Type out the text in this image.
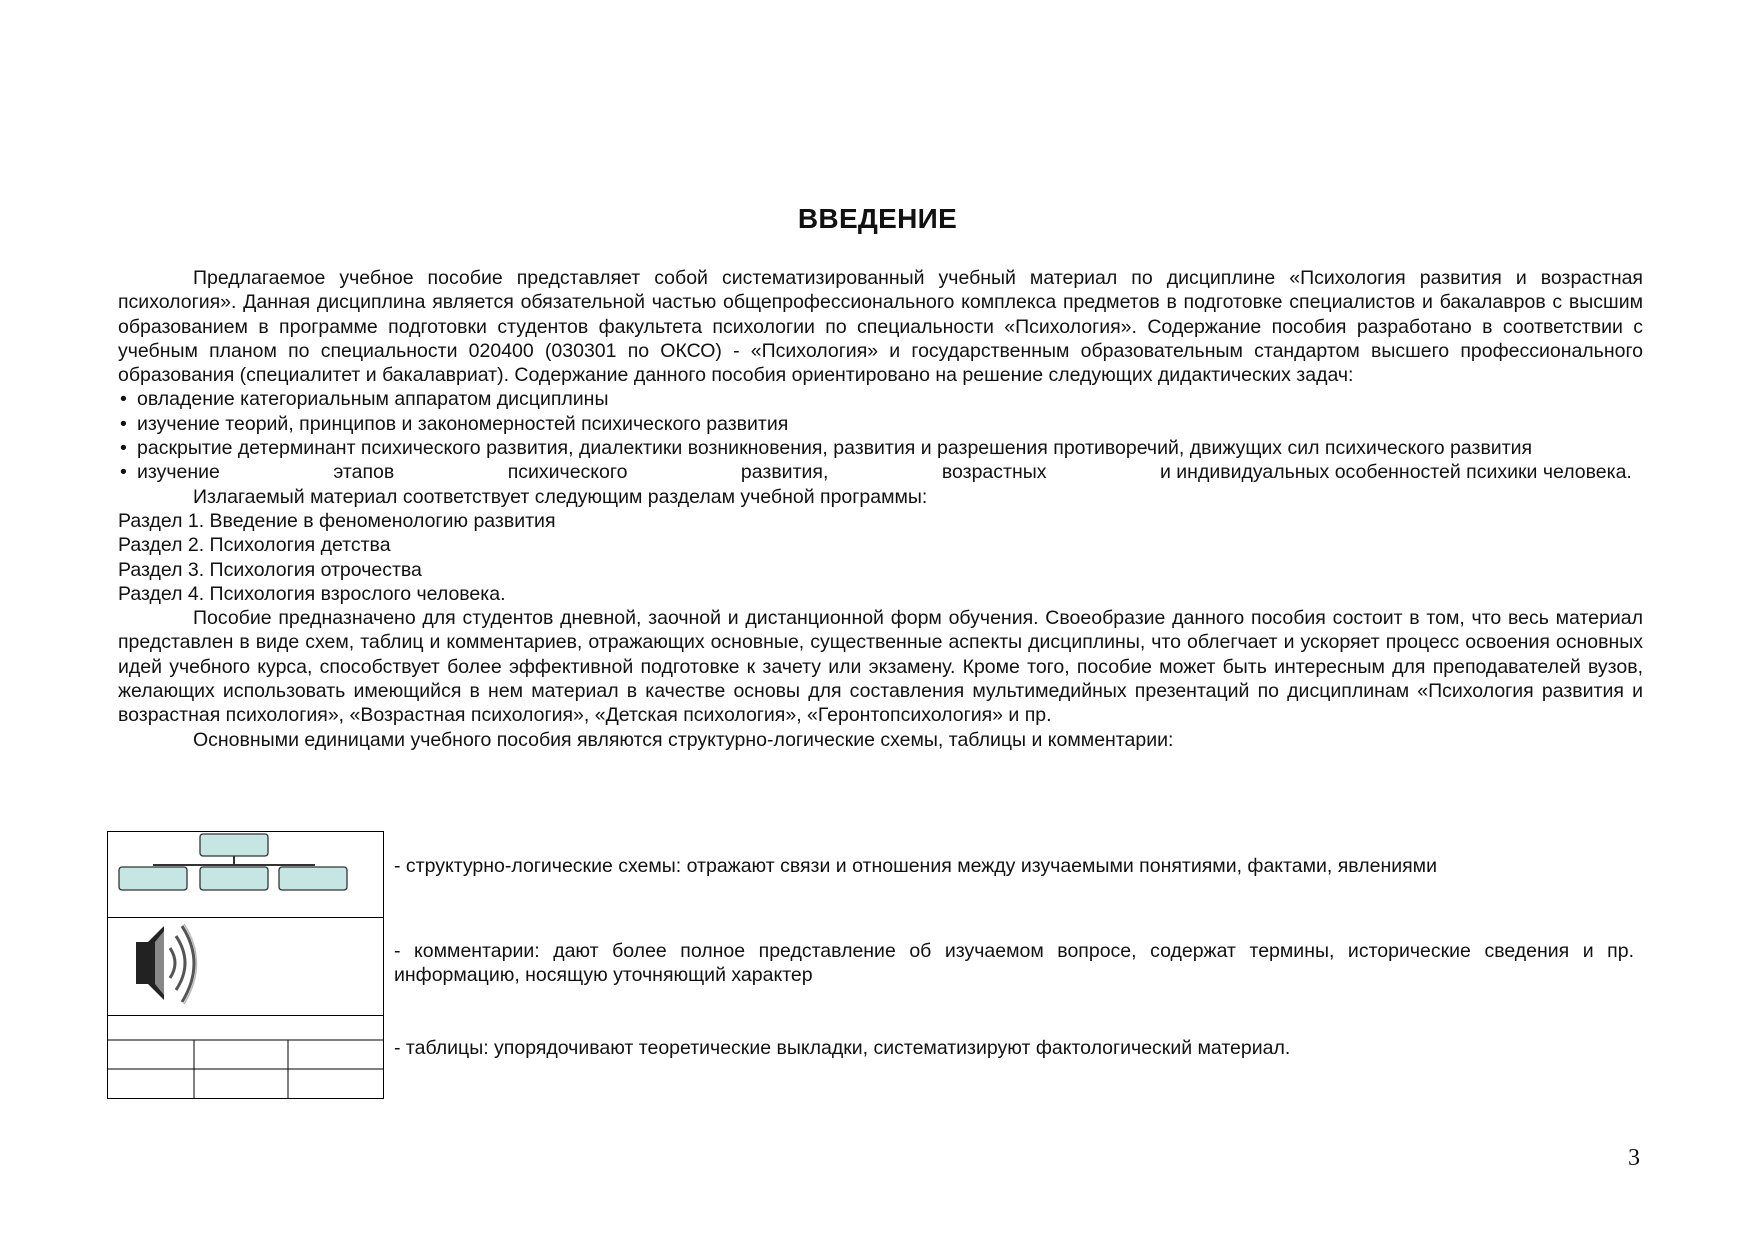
ВВЕДЕНИЕ

Предлагаемое учебное пособие представляет собой систематизированный учебный материал по дисциплине «Психология развития и возрастная психология». Данная дисциплина является обязательной частью общепрофессионального комплекса предметов в подготовке специалистов и бакалавров с высшим образованием в программе подготовки студентов факультета психологии по специальности «Психология». Содержание пособия разработано в соответствии с учебным планом по специальности 020400 (030301 по ОКСО) - «Психология» и государственным образовательным стандартом высшего профессионального образования (специалитет и бакалавриат). Содержание данного пособия ориентировано на решение следующих дидактических задач:

• овладение категориальным аппаратом дисциплины
• изучение теорий, принципов и закономерностей психического развития
• раскрытие детерминант психического развития, диалектики возникновения, развития и разрешения противоречий, движущих сил психического развития
• изучение	этапов	психического	развития,	возрастных	и индивидуальных особенностей психики человека.

Излагаемый материал соответствует следующим разделам учебной программы:

Раздел 1. Введение в феноменологию развития

Раздел 2. Психология детства

Раздел 3. Психология отрочества

Раздел 4. Психология взрослого человека.

Пособие предназначено для студентов дневной, заочной и дистанционной форм обучения. Своеобразие данного пособия состоит в том, что весь материал представлен в виде схем, таблиц и комментариев, отражающих основные, существенные аспекты дисциплины, что облегчает и ускоряет процесс освоения основных идей учебного курса, способствует более эффективной подготовке к зачету или экзамену. Кроме того, пособие может быть интересным для преподавателей вузов, желающих использовать имеющийся в нем материал в качестве основы для составления мультимедийных презентаций по дисциплинам «Психология развития и возрастная психология», «Возрастная психология», «Детская психология», «Геронтопсихология» и пр.

Основными единицами учебного пособия являются структурно-логические схемы, таблицы и комментарии:

- структурно-логические схемы: отражают связи и отношения между изучаемыми понятиями, фактами, явлениями
- комментарии: дают более полное представление об изучаемом вопросе, содержат термины, исторические сведения и пр. информацию, носящую уточняющий характер
- таблицы: упорядочивают теоретические выкладки, систематизируют фактологический материал.
3
